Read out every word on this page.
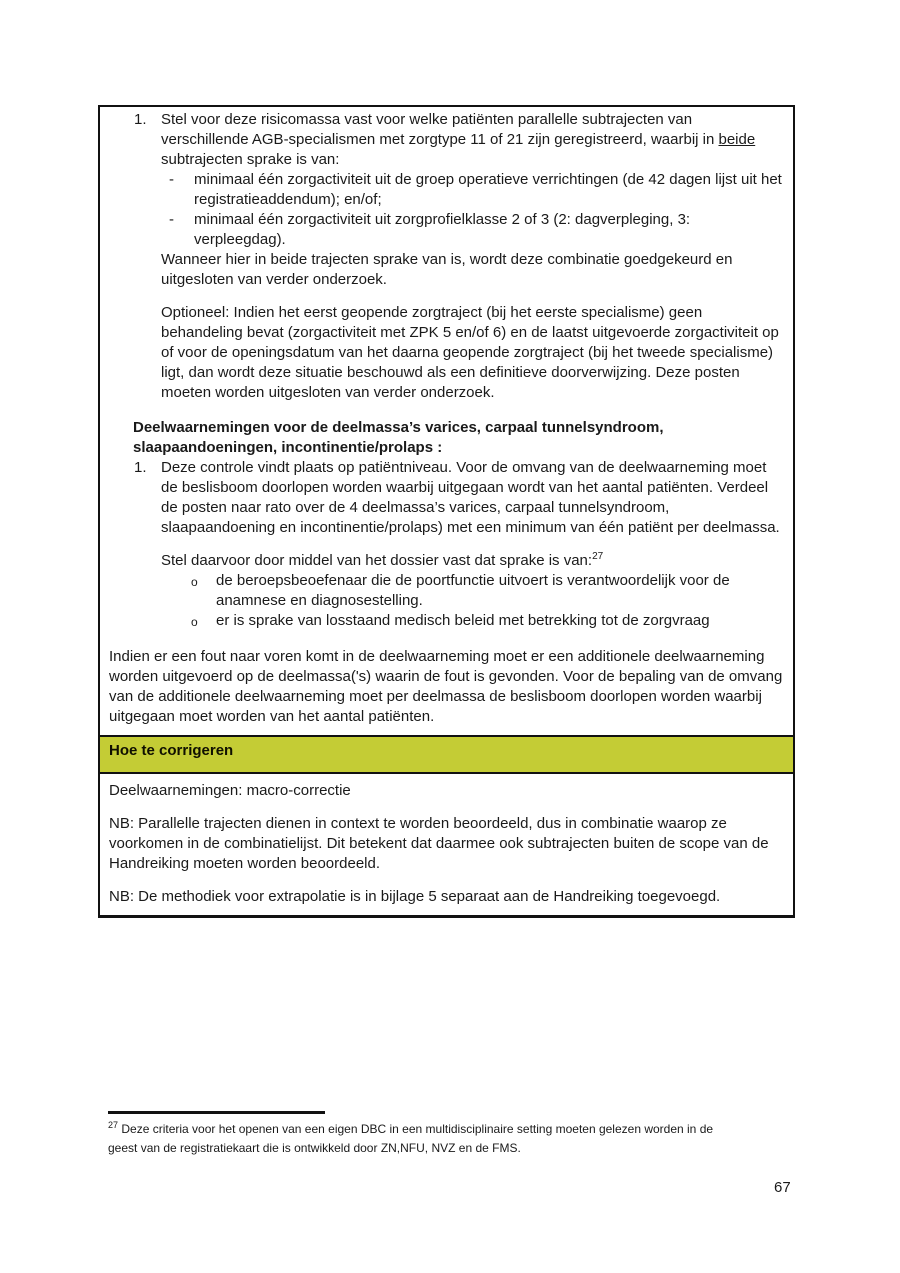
1. Stel voor deze risicomassa vast voor welke patiënten parallelle subtrajecten van verschillende AGB-specialismen met zorgtype 11 of 21 zijn geregistreerd, waarbij in beide subtrajecten sprake is van:
- minimaal één zorgactiviteit uit de groep operatieve verrichtingen (de 42 dagen lijst uit het registratieaddendum); en/of;
- minimaal één zorgactiviteit uit zorgprofielklasse 2 of 3 (2: dagverpleging, 3: verpleegdag).
Wanneer hier in beide trajecten sprake van is, wordt deze combinatie goedgekeurd en uitgesloten van verder onderzoek.
Optioneel: Indien het eerst geopende zorgtraject (bij het eerste specialisme) geen behandeling bevat (zorgactiviteit met ZPK 5 en/of 6) en de laatst uitgevoerde zorgactiviteit op of voor de openingsdatum van het daarna geopende zorgtraject (bij het tweede specialisme) ligt, dan wordt deze situatie beschouwd als een definitieve doorverwijzing. Deze posten moeten worden uitgesloten van verder onderzoek.
Deelwaarnemingen voor de deelmassa’s varices, carpaal tunnelsyndroom, slaapaandoeningen, incontinentie/prolaps :
1. Deze controle vindt plaats op patiëntniveau. Voor de omvang van de deelwaarneming moet de beslisboom doorlopen worden waarbij uitgegaan wordt van het aantal patiënten. Verdeel de posten naar rato over de 4 deelmassa’s varices, carpaal tunnelsyndroom, slaapaandoening en incontinentie/prolaps) met een minimum van één patiënt per deelmassa.
Stel daarvoor door middel van het dossier vast dat sprake is van:$^{27}$
o de beroepsbeoefenaar die de poortfunctie uitvoert is verantwoordelijk voor de anamnese en diagnosestelling.
o er is sprake van losstaand medisch beleid met betrekking tot de zorgvraag
Indien er een fout naar voren komt in de deelwaarneming moet er een additionele deelwaarneming worden uitgevoerd op de deelmassa('s) waarin de fout is gevonden. Voor de bepaling van de omvang van de additionele deelwaarneming moet per deelmassa de beslisboom doorlopen worden waarbij uitgegaan moet worden van het aantal patiënten.
Hoe te corrigeren
Deelwaarnemingen: macro-correctie
NB: Parallelle trajecten dienen in context te worden beoordeeld, dus in combinatie waarop ze voorkomen in de combinatielijst. Dit betekent dat daarmee ook subtrajecten buiten de scope van de Handreiking moeten worden beoordeeld.
NB: De methodiek voor extrapolatie is in bijlage 5 separaat aan de Handreiking toegevoegd.
$^{27}$ Deze criteria voor het openen van een eigen DBC in een multidisciplinaire setting moeten gelezen worden in de geest van de registratiekaart die is ontwikkeld door ZN,NFU, NVZ en de FMS.
67
